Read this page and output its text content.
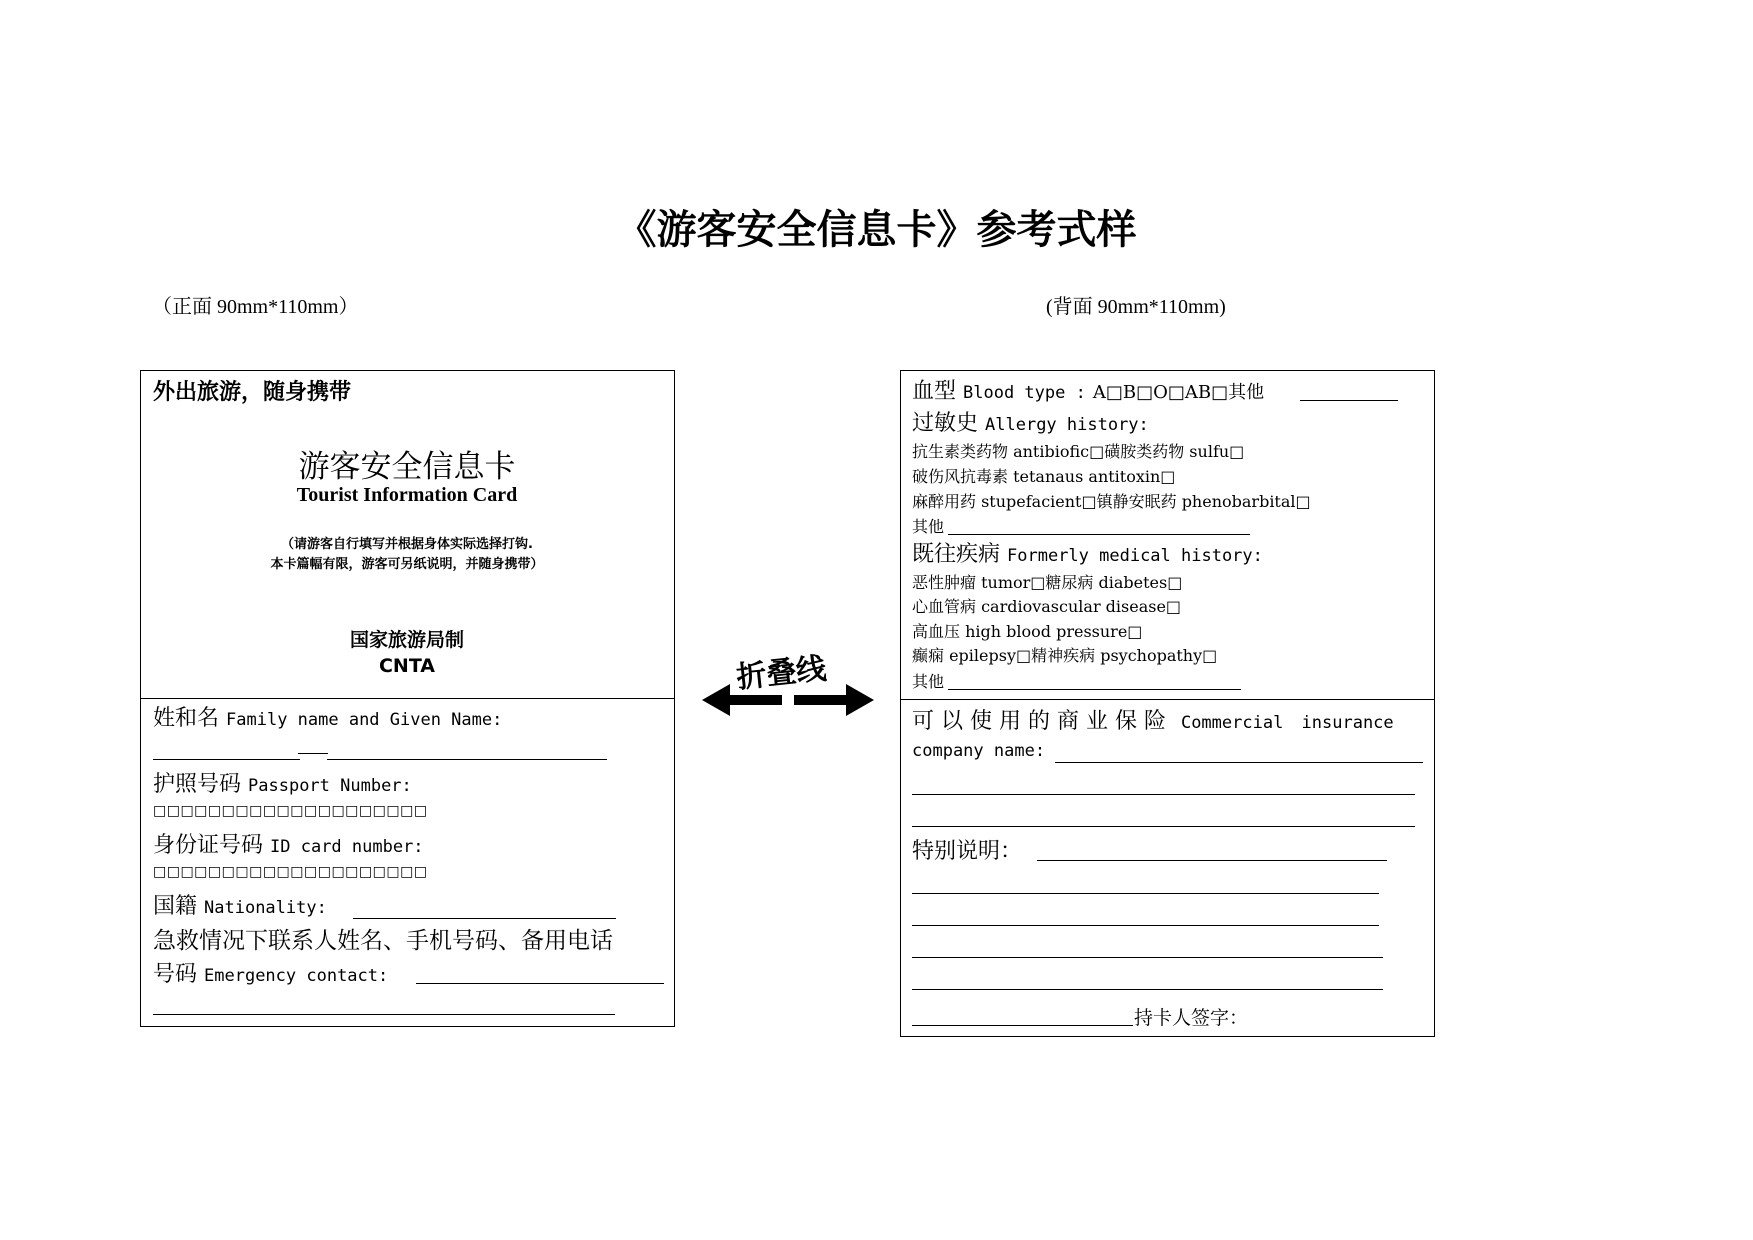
《游客安全信息卡》参考式样
（正面 90mm*110mm）	(背面 90mm*110mm)
外出旅游，随身携带
游客安全信息卡
Tourist Information Card
（请游客自行填写并根据身体实际选择打钩.
本卡篇幅有限，游客可另纸说明，并随身携带）
国家旅游局制
CNTA
姓和名 Family name and Given Name:
护照号码 Passport Number:
□□□□□□□□□□□□□□□□□□□□
身份证号码 ID card number:
□□□□□□□□□□□□□□□□□□□□
国籍 Nationality:
急救情况下联系人姓名、手机号码、备用电话
号码 Emergency contact:
折叠线
血型 Blood type : A□B□O□AB□其他
过敏史 Allergy history:
抗生素类药物 antibiofic□磺胺类药物 sulfu□
破伤风抗毒素 tetanaus antitoxin□
麻醉用药 stupefacient□镇静安眠药 phenobarbital□
其他
既往疾病 Formerly medical history:
恶性肿瘤 tumor□糖尿病 diabetes□
心血管病 cardiovascular disease□
高血压 high blood pressure□
癫痫 epilepsy□精神疾病 psychopathy□
其他
可 以 使 用 的 商 业 保 险 Commercial insurance
company name:
特别说明：
持卡人签字：
